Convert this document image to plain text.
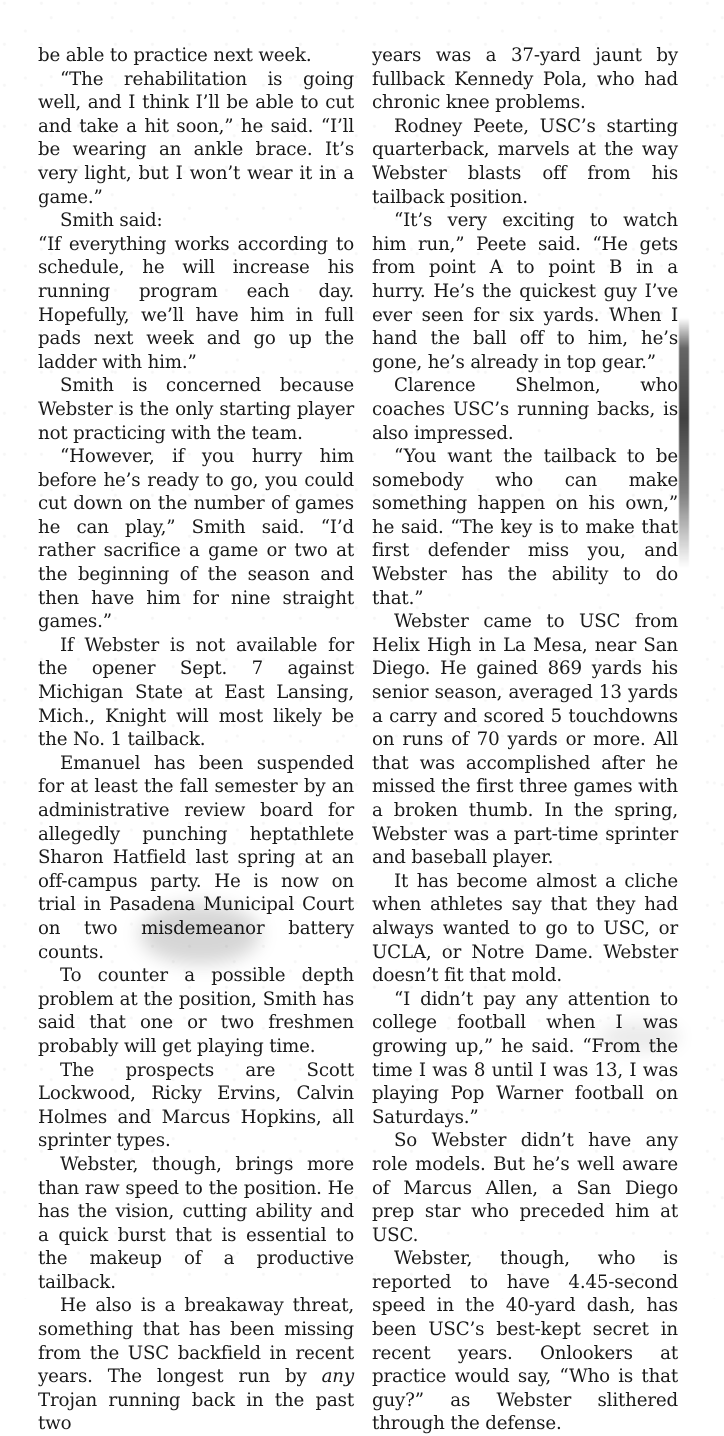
be able to practice next week.

“The rehabilitation is going well, and I think I’ll be able to cut and take a hit soon,” he said. “I’ll be wearing an ankle brace. It’s very light, but I won’t wear it in a game.”

Smith said:

“If everything works according to schedule, he will increase his running program each day. Hopefully, we’ll have him in full pads next week and go up the ladder with him.”

Smith is concerned because Webster is the only starting player not practicing with the team.

“However, if you hurry him before he’s ready to go, you could cut down on the number of games he can play,” Smith said. “I’d rather sacrifice a game or two at the beginning of the season and then have him for nine straight games.”

If Webster is not available for the opener Sept. 7 against Michigan State at East Lansing, Mich., Knight will most likely be the No. 1 tailback.

Emanuel has been suspended for at least the fall semester by an administrative review board for allegedly punching heptathlete Sharon Hatfield last spring at an off-campus party. He is now on trial in Pasadena Municipal Court on two misdemeanor battery counts.

To counter a possible depth problem at the position, Smith has said that one or two freshmen probably will get playing time.

The prospects are Scott Lockwood, Ricky Ervins, Calvin Holmes and Marcus Hopkins, all sprinter types.

Webster, though, brings more than raw speed to the position. He has the vision, cutting ability and a quick burst that is essential to the makeup of a productive tailback.

He also is a breakaway threat, something that has been missing from the USC backfield in recent years. The longest run by any Trojan running back in the past two

years was a 37-yard jaunt by fullback Kennedy Pola, who had chronic knee problems.

Rodney Peete, USC’s starting quarterback, marvels at the way Webster blasts off from his tailback position.

“It’s very exciting to watch him run,” Peete said. “He gets from point A to point B in a hurry. He’s the quickest guy I’ve ever seen for six yards. When I hand the ball off to him, he’s gone, he’s already in top gear.”

Clarence Shelmon, who coaches USC’s running backs, is also impressed.

“You want the tailback to be somebody who can make something happen on his own,” he said. “The key is to make that first defender miss you, and Webster has the ability to do that.”

Webster came to USC from Helix High in La Mesa, near San Diego. He gained 869 yards his senior season, averaged 13 yards a carry and scored 5 touchdowns on runs of 70 yards or more. All that was accomplished after he missed the first three games with a broken thumb. In the spring, Webster was a part-time sprinter and baseball player.

It has become almost a cliche when athletes say that they had always wanted to go to USC, or UCLA, or Notre Dame. Webster doesn’t fit that mold.

“I didn’t pay any attention to college football when I was growing up,” he said. “From the time I was 8 until I was 13, I was playing Pop Warner football on Saturdays.”

So Webster didn’t have any role models. But he’s well aware of Marcus Allen, a San Diego prep star who preceded him at USC.

Webster, though, who is reported to have 4.45-second speed in the 40-yard dash, has been USC’s best-kept secret in recent years. Onlookers at practice would say, “Who is that guy?” as Webster slithered through the defense.
